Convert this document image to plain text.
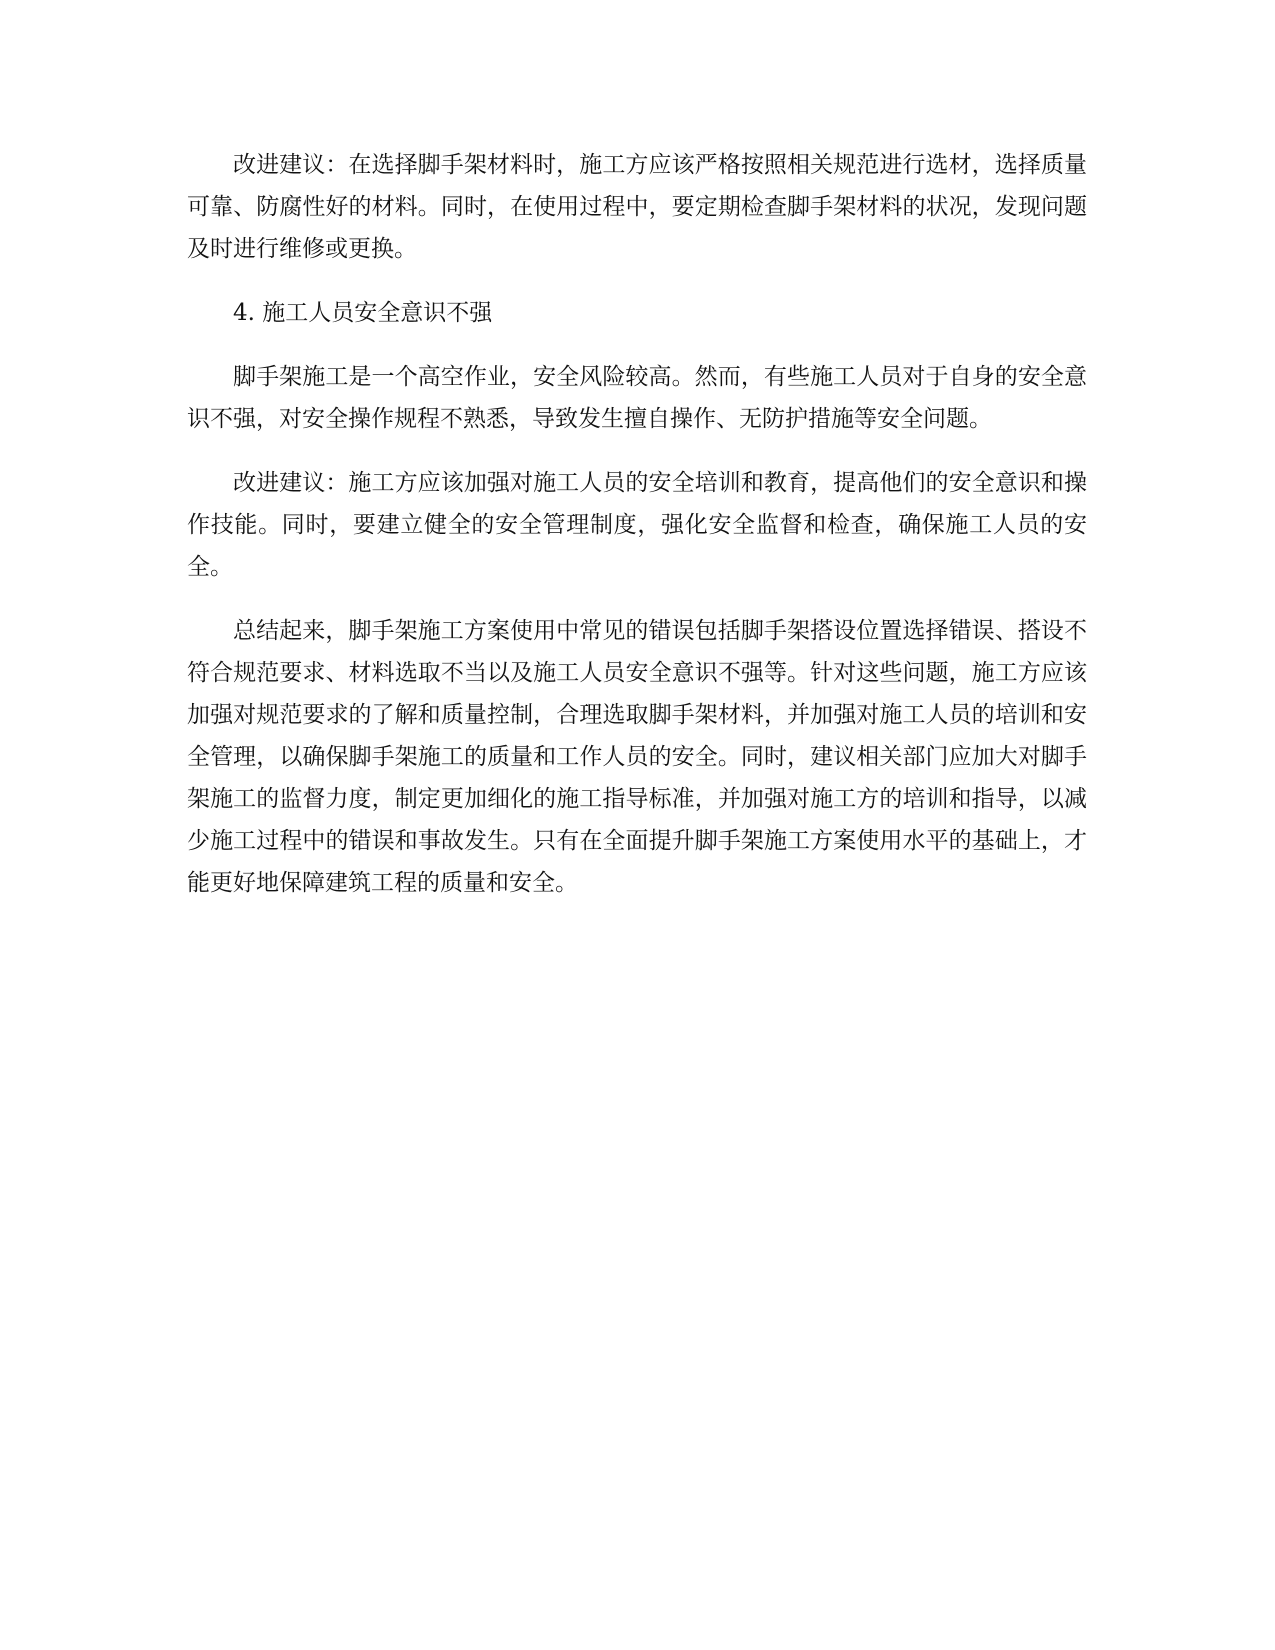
改进建议：在选择脚手架材料时，施工方应该严格按照相关规范进行选材，选择质量可靠、防腐性好的材料。同时，在使用过程中，要定期检查脚手架材料的状况，发现问题及时进行维修或更换。

4. 施工人员安全意识不强

脚手架施工是一个高空作业，安全风险较高。然而，有些施工人员对于自身的安全意识不强，对安全操作规程不熟悉，导致发生擅自操作、无防护措施等安全问题。

改进建议：施工方应该加强对施工人员的安全培训和教育，提高他们的安全意识和操作技能。同时，要建立健全的安全管理制度，强化安全监督和检查，确保施工人员的安全。

总结起来，脚手架施工方案使用中常见的错误包括脚手架搭设位置选择错误、搭设不符合规范要求、材料选取不当以及施工人员安全意识不强等。针对这些问题，施工方应该加强对规范要求的了解和质量控制，合理选取脚手架材料，并加强对施工人员的培训和安全管理，以确保脚手架施工的质量和工作人员的安全。同时，建议相关部门应加大对脚手架施工的监督力度，制定更加细化的施工指导标准，并加强对施工方的培训和指导，以减少施工过程中的错误和事故发生。只有在全面提升脚手架施工方案使用水平的基础上，才能更好地保障建筑工程的质量和安全。
